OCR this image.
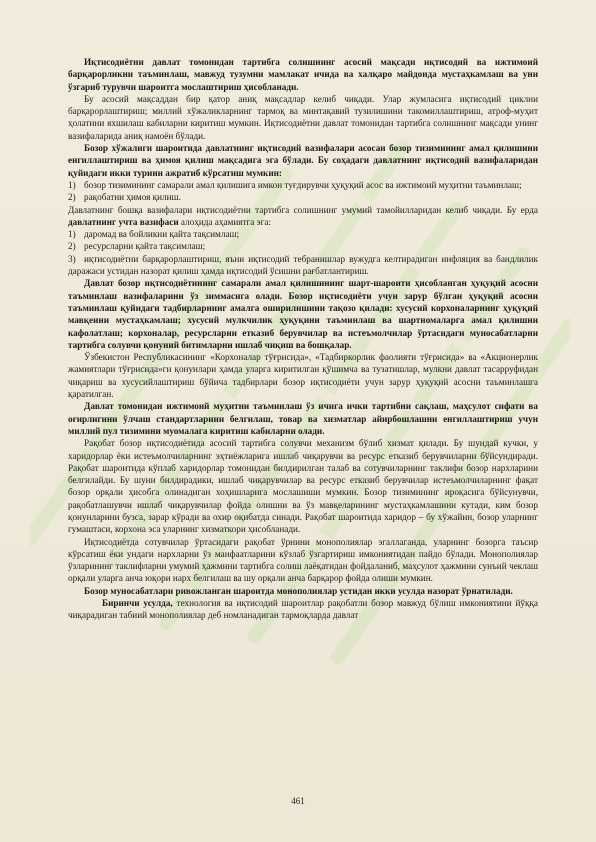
Иқтисодиётни давлат томонидан тартибга солишнинг асосий мақсади иқтисодий ва ижтимоий барқарорликни таъминлаш, мавжуд тузумни мамлакат ичида ва халқаро майдонда мустаҳкамлаш ва уни ўзгариб турувчи шароитга мослаштириш ҳисобланади.

Бу асосий мақсаддан бир қатор аниқ мақсадлар келиб чиқади. Улар жумласига иқтисодий циклни барқарорлаштириш; миллий хўжаликларнинг тармоқ ва минтақавий тузилишини такомиллаштириш, атроф-муҳит ҳолатини яхшилаш кабиларни киритиш мумкин. Иқтисодиётни давлат томонидан тартибга солишнинг мақсади унинг вазифаларида аниқ намоён бўлади.

Бозор хўжалиги шароитида давлатнинг иқтисодий вазифалари асосан бозор тизимининг амал қилишини енгиллаштириш ва ҳимоя қилиш мақсадига эга бўлади. Бу соҳадаги давлатнинг иқтисодий вазифаларидан қуйидаги икки турини ажратиб кўрсатиш мумкин:

1) бозор тизимининг самарали амал қилишига имкон туғдирувчи ҳуқуқий асос ва ижтимоий муҳитни таъминлаш;

2) рақобатни ҳимоя қилиш.

Давлатнинг бошқа вазифалари иқтисодиётни тартибга солишнинг умумий тамойилларидан келиб чиқади. Бу ерда давлатнинг учта вазифаси алоҳида аҳамиятга эга:

1) даромад ва бойликни қайта тақсимлаш;

2) ресурсларни қайта тақсимлаш;

3) иқтисодиётни барқарорлаштириш, яъни иқтисодий тебранишлар вужудга келтирадиган инфляция ва бандлилик даражаси устидан назорат қилиш ҳамда иқтисодий ўсишни рағбатлантириш.

Давлат бозор иқтисодиётининг самарали амал қилишининг шарт-шароити ҳисобланган ҳуқуқий асосни таъминлаш вазифаларини ўз зиммасига олади. Бозор иқтисодиёти учун зарур бўлган ҳуқуқий асосни таъминлаш қуйидаги тадбирларнинг амалга оширилишини тақозо қилади: хусусий корхоналарнинг ҳуқуқий мавқеини мустаҳкамлаш; хусусий мулкчилик ҳуқуқини таъминлаш ва шартномаларга амал қилишни кафолатлаш; корхоналар, ресурсларни етказиб берувчилар ва истеъмолчилар ўртасидаги муносабатларни тартибга солувчи қонуний битимларни ишлаб чиқиш ва бошқалар.

Ўзбекистон Республикасининг «Корхоналар тўғрисида», «Тадбиркорлик фаолияти тўғрисида» ва «Акционерлик жамиятлари тўғрисида»ги қонунлари ҳамда уларга киритилган қўшимча ва тузатишлар, мулкни давлат тасарруфидан чиқариш ва хусусийлаштириш бўйича тадбирлари бозор иқтисодиёти учун зарур ҳуқуқий асосни таъминлашга қаратилган.

Давлат томонидан ижтимоий муҳитни таъминлаш ўз ичига ички тартибни сақлаш, маҳсулот сифати ва оғирлигини ўлчаш стандартларини белгилаш, товар ва хизматлар айирбошлашни енгиллаштириш учун миллий пул тизимини муомалага киритиш кабиларни олади.

Рақобат бозор иқтисодиётида асосий тартибга солувчи механизм бўлиб хизмат қилади. Бу шундай кучки, у харидорлар ёки истеъмолчиларнинг эҳтиёжларига ишлаб чиқарувчи ва ресурс етказиб берувчиларни бўйсундиради. Рақобат шароитида кўплаб харидорлар томонидан билдирилган талаб ва сотувчиларнинг таклифи бозор нархларини белгилайди. Бу шуни билдирадики, ишлаб чиқарувчилар ва ресурс етказиб берувчилар истеъмолчиларнинг фақат бозор орқали ҳисобга олинадиган хоҳишларига мослашиши мумкин. Бозор тизимининг ироқасига бўйсунувчи, рақобатлашувчи ишлаб чиқарувчилар фойда олишни ва ўз мавқеларининг мустаҳкамлашини кутади, ким бозор қонунларини бузса, зарар кўради ва охир оқибатда синади. Рақобат шароитида харидор – бу хўжайин, бозор уларнинг гумаштаси, корхона эса уларнинг хизматкори ҳисобланади.

Иқтисодиётда сотувчилар ўртасидаги рақобат ўрнини монополиялар эгаллаганда, уларнинг бозорга таъсир кўрсатиш ёки ундаги нархларни ўз манфаатларини кўзлаб ўзгартириш имкониятидан пайдо бўлади. Монополиялар ўзларининг таклифларни умумий ҳажмини тартибга солиш лаёқатидан фойдаланиб, маҳсулот ҳажмини сунъий чеклаш орқали уларга анча юқори нарх белгилаш ва шу орқали анча барқарор фойда олиши мумкин.

Бозор муносабатлари ривожланган шароитда монополиялар устидан икки усулда назорат ўрнатилади.

Биринчи усулда, технология ва иқтисодий шароитлар рақобатли бозор мавжуд бўлиш имкониятини йўққа чиқарадиган табиий монополиялар деб номланадиган тармоқларда давлат

461
